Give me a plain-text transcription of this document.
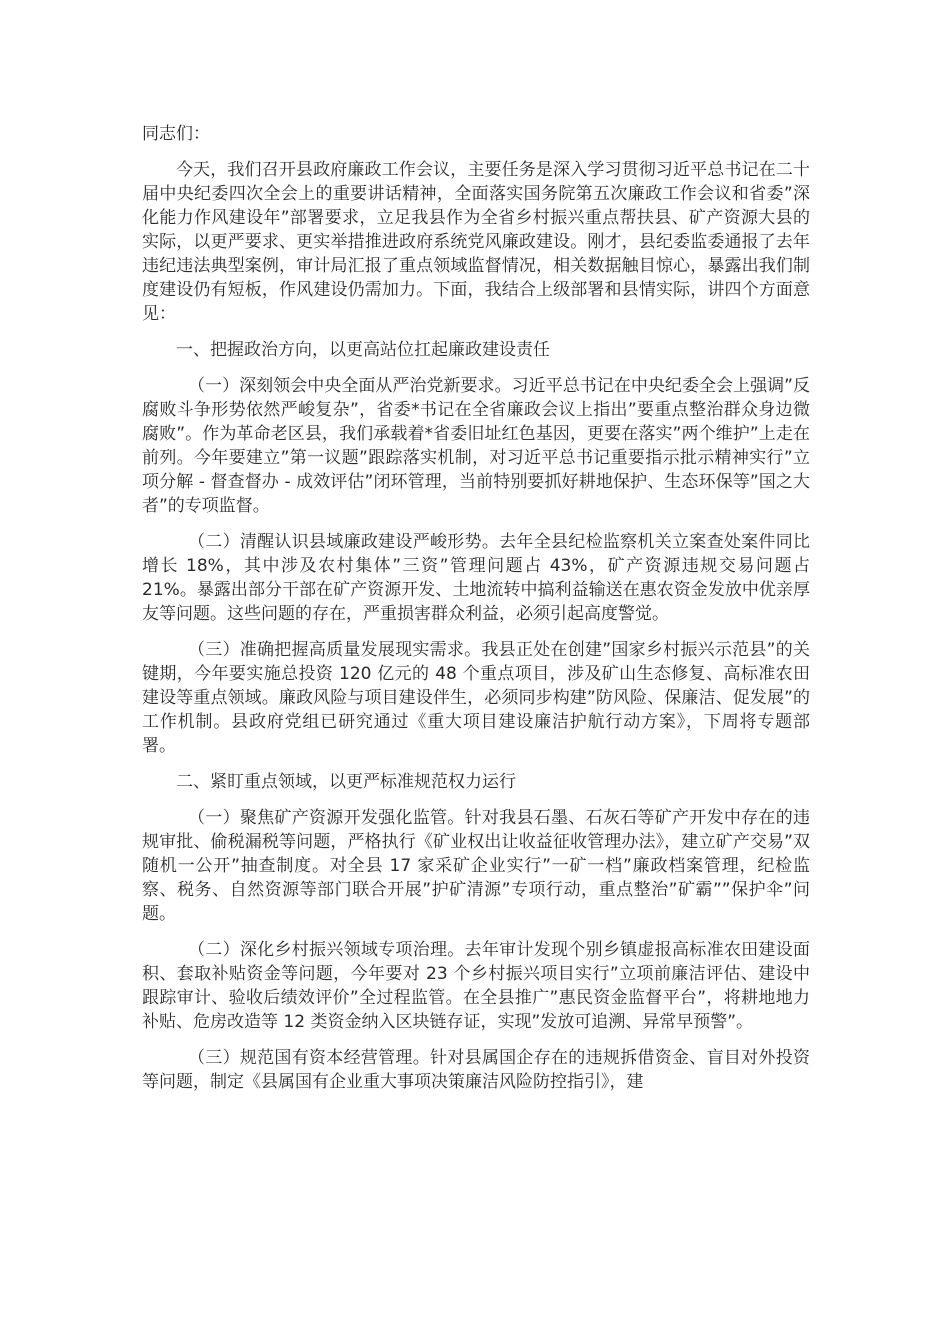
同志们：

今天，我们召开县政府廉政工作会议，主要任务是深入学习贯彻习近平总书记在二十届中央纪委四次全会上的重要讲话精神，全面落实国务院第五次廉政工作会议和省委”深化能力作风建设年”部署要求，立足我县作为全省乡村振兴重点帮扶县、矿产资源大县的实际，以更严要求、更实举措推进政府系统党风廉政建设。刚才，县纪委监委通报了去年违纪违法典型案例，审计局汇报了重点领域监督情况，相关数据触目惊心，暴露出我们制度建设仍有短板，作风建设仍需加力。下面，我结合上级部署和县情实际，讲四个方面意见：

一、把握政治方向，以更高站位扛起廉政建设责任

（一）深刻领会中央全面从严治党新要求。习近平总书记在中央纪委全会上强调”反腐败斗争形势依然严峻复杂”，省委*书记在全省廉政会议上指出”要重点整治群众身边微腐败”。作为革命老区县，我们承载着*省委旧址红色基因，更要在落实”两个维护”上走在前列。今年要建立”第一议题”跟踪落实机制，对习近平总书记重要指示批示精神实行”立项分解 - 督查督办 - 成效评估”闭环管理，当前特别要抓好耕地保护、生态环保等”国之大者”的专项监督。

（二）清醒认识县域廉政建设严峻形势。去年全县纪检监察机关立案查处案件同比增长 18%，其中涉及农村集体”三资”管理问题占 43%，矿产资源违规交易问题占 21%。暴露出部分干部在矿产资源开发、土地流转中搞利益输送在惠农资金发放中优亲厚友等问题。这些问题的存在，严重损害群众利益，必须引起高度警觉。

（三）准确把握高质量发展现实需求。我县正处在创建”国家乡村振兴示范县”的关键期，今年要实施总投资 120 亿元的 48 个重点项目，涉及矿山生态修复、高标准农田建设等重点领域。廉政风险与项目建设伴生，必须同步构建”防风险、保廉洁、促发展”的工作机制。县政府党组已研究通过《重大项目建设廉洁护航行动方案》，下周将专题部署。

二、紧盯重点领域，以更严标准规范权力运行

（一）聚焦矿产资源开发强化监管。针对我县石墨、石灰石等矿产开发中存在的违规审批、偷税漏税等问题，严格执行《矿业权出让收益征收管理办法》，建立矿产交易”双随机一公开”抽查制度。对全县 17 家采矿企业实行”一矿一档”廉政档案管理，纪检监察、税务、自然资源等部门联合开展”护矿清源”专项行动，重点整治”矿霸””保护伞”问题。

（二）深化乡村振兴领域专项治理。去年审计发现个别乡镇虚报高标准农田建设面积、套取补贴资金等问题，今年要对 23 个乡村振兴项目实行”立项前廉洁评估、建设中跟踪审计、验收后绩效评价”全过程监管。在全县推广”惠民资金监督平台”，将耕地地力补贴、危房改造等 12 类资金纳入区块链存证，实现”发放可追溯、异常早预警”。

（三）规范国有资本经营管理。针对县属国企存在的违规拆借资金、盲目对外投资等问题，制定《县属国有企业重大事项决策廉洁风险防控指引》，建
